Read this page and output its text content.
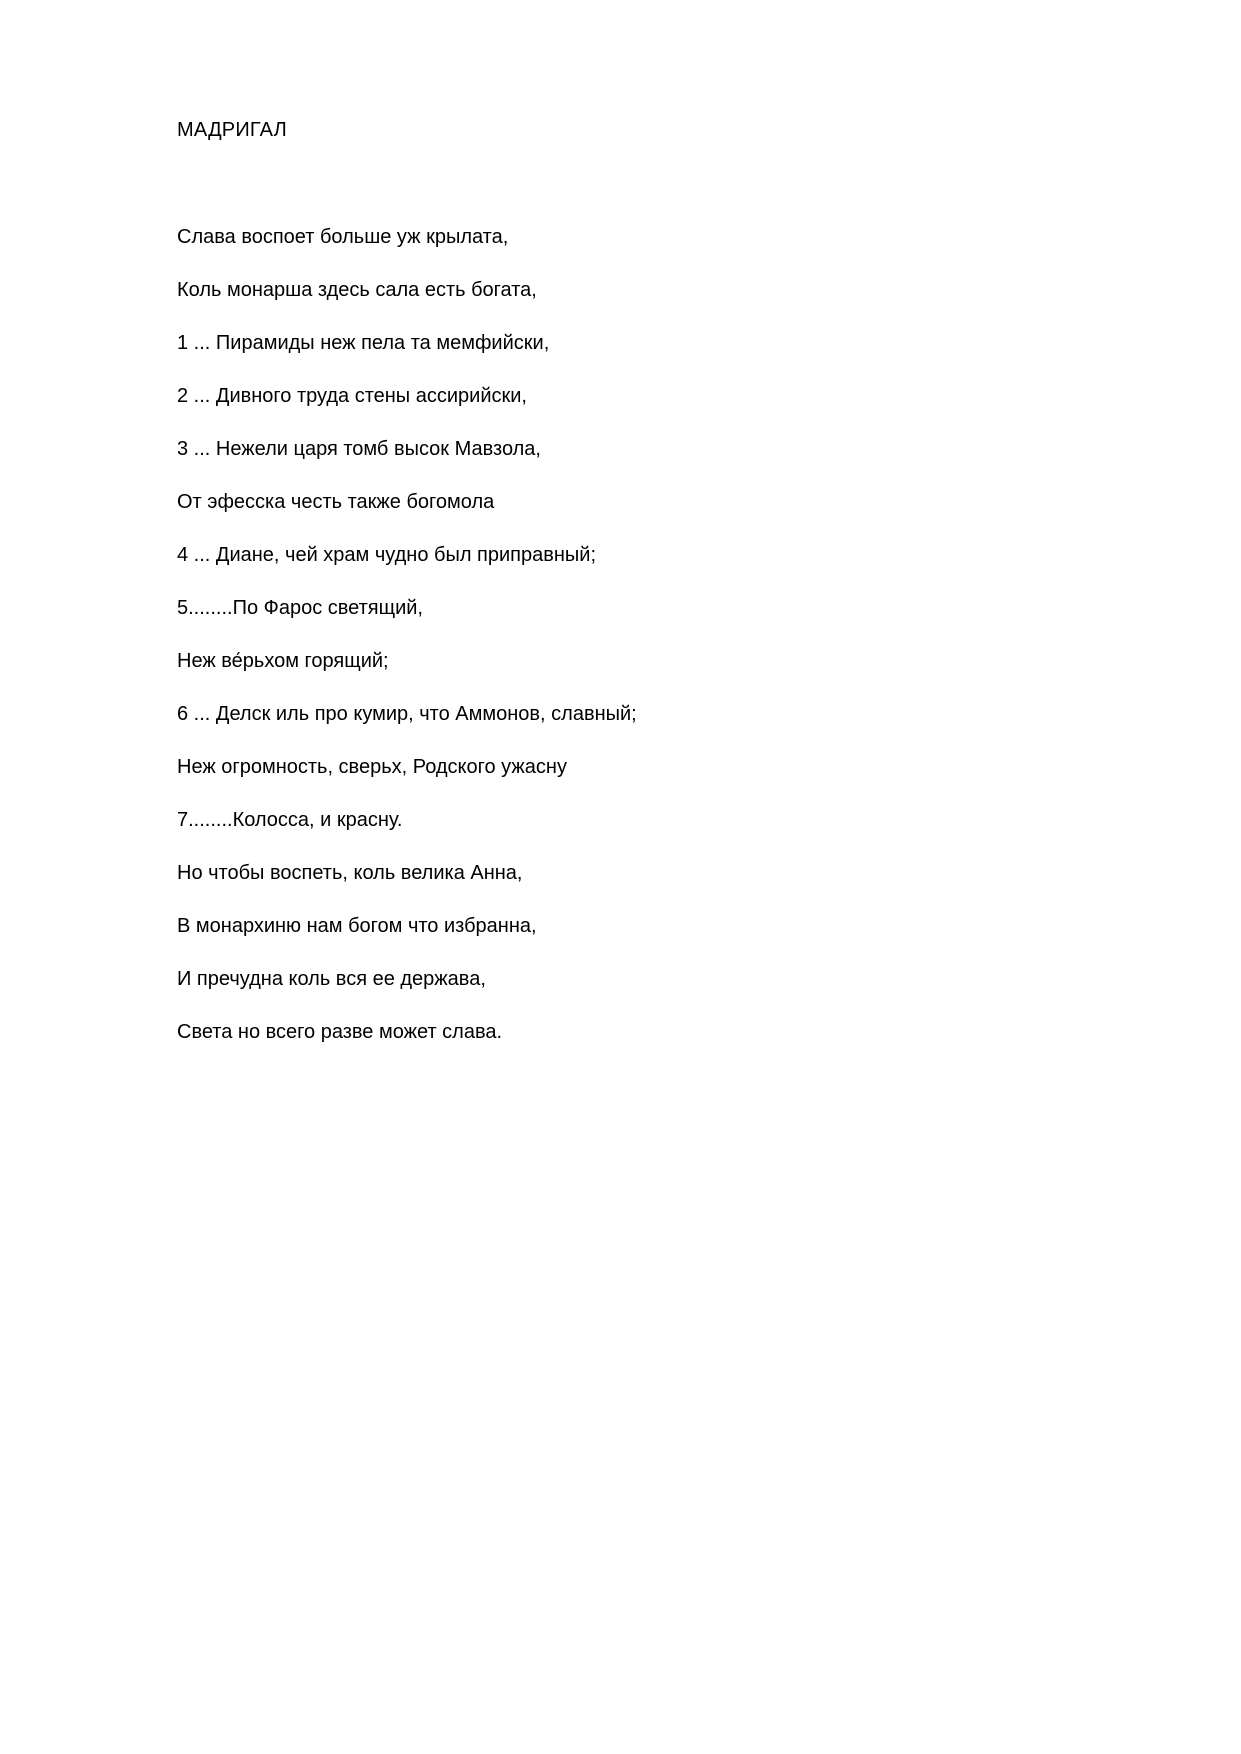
МАДРИГАЛ
Слава воспоет больше уж крылата,
Коль монарша здесь сала есть богата,
1 ... Пирамиды неж пела та мемфийски,
2 ... Дивного труда стены ассирийски,
3 ... Нежели царя томб высок Мавзола,
От эфесска честь также богомола
4 ... Диане, чей храм чудно был приправный;
5........По Фарос светящий,
Неж ве́рьхом горящий;
6 ... Делск иль про кумир, что Аммонов, славный;
Неж огромность, сверьх, Родского ужасну
7........Колосса, и красну.
Но чтобы воспеть, коль велика Анна,
В монархиню нам богом что избранна,
И пречудна коль вся ее держава,
Света но всего разве может слава.
